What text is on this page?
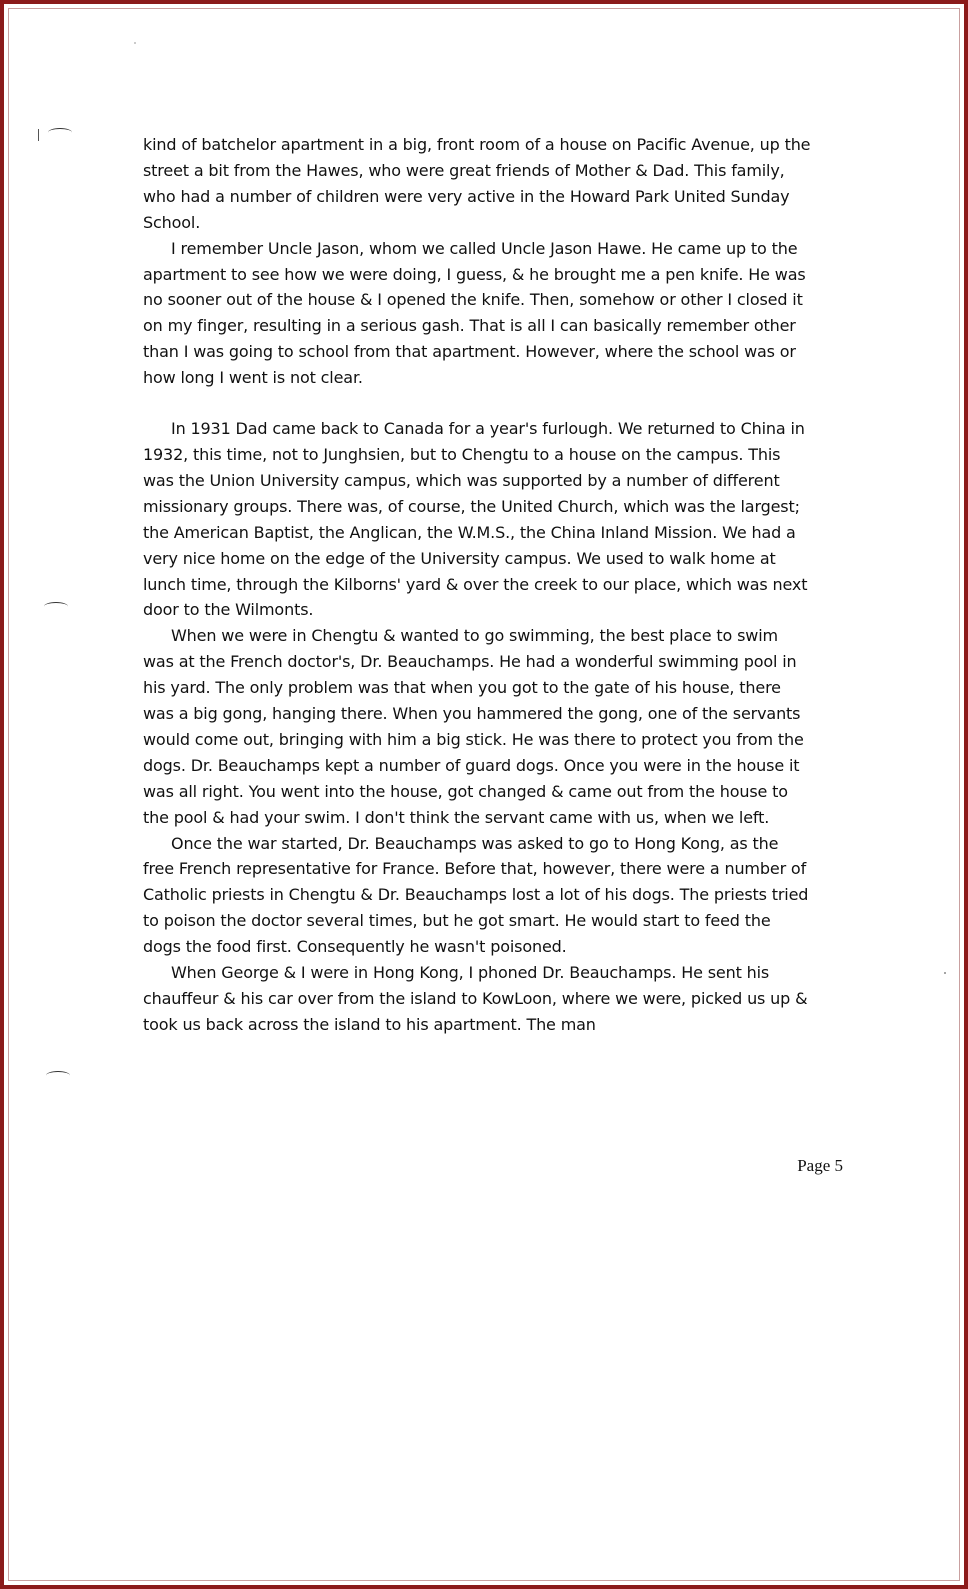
kind of batchelor apartment in a big, front room of a house on Pacific Avenue, up the street a bit from the Hawes, who were great friends of Mother & Dad. This family, who had a number of children were very active in the Howard Park United Sunday School.

I remember Uncle Jason, whom we called Uncle Jason Hawe. He came up to the apartment to see how we were doing, I guess, & he brought me a pen knife. He was no sooner out of the house & I opened the knife. Then, somehow or other I closed it on my finger, resulting in a serious gash. That is all I can basically remember other than I was going to school from that apartment. However, where the school was or how long I went is not clear.

In 1931 Dad came back to Canada for a year's furlough. We returned to China in 1932, this time, not to Junghsien, but to Chengtu to a house on the campus. This was the Union University campus, which was supported by a number of different missionary groups. There was, of course, the United Church, which was the largest; the American Baptist, the Anglican, the W.M.S., the China Inland Mission. We had a very nice home on the edge of the University campus. We used to walk home at lunch time, through the Kilborns' yard & over the creek to our place, which was next door to the Wilmonts.

When we were in Chengtu & wanted to go swimming, the best place to swim was at the French doctor's, Dr. Beauchamps. He had a wonderful swimming pool in his yard. The only problem was that when you got to the gate of his house, there was a big gong, hanging there. When you hammered the gong, one of the servants would come out, bringing with him a big stick. He was there to protect you from the dogs. Dr. Beauchamps kept a number of guard dogs. Once you were in the house it was all right. You went into the house, got changed & came out from the house to the pool & had your swim. I don't think the servant came with us, when we left.

Once the war started, Dr. Beauchamps was asked to go to Hong Kong, as the free French representative for France. Before that, however, there were a number of Catholic priests in Chengtu & Dr. Beauchamps lost a lot of his dogs. The priests tried to poison the doctor several times, but he got smart. He would start to feed the dogs the food first. Consequently he wasn't poisoned.

When George & I were in Hong Kong, I phoned Dr. Beauchamps. He sent his chauffeur & his car over from the island to KowLoon, where we were, picked us up & took us back across the island to his apartment. The man

Page 5
